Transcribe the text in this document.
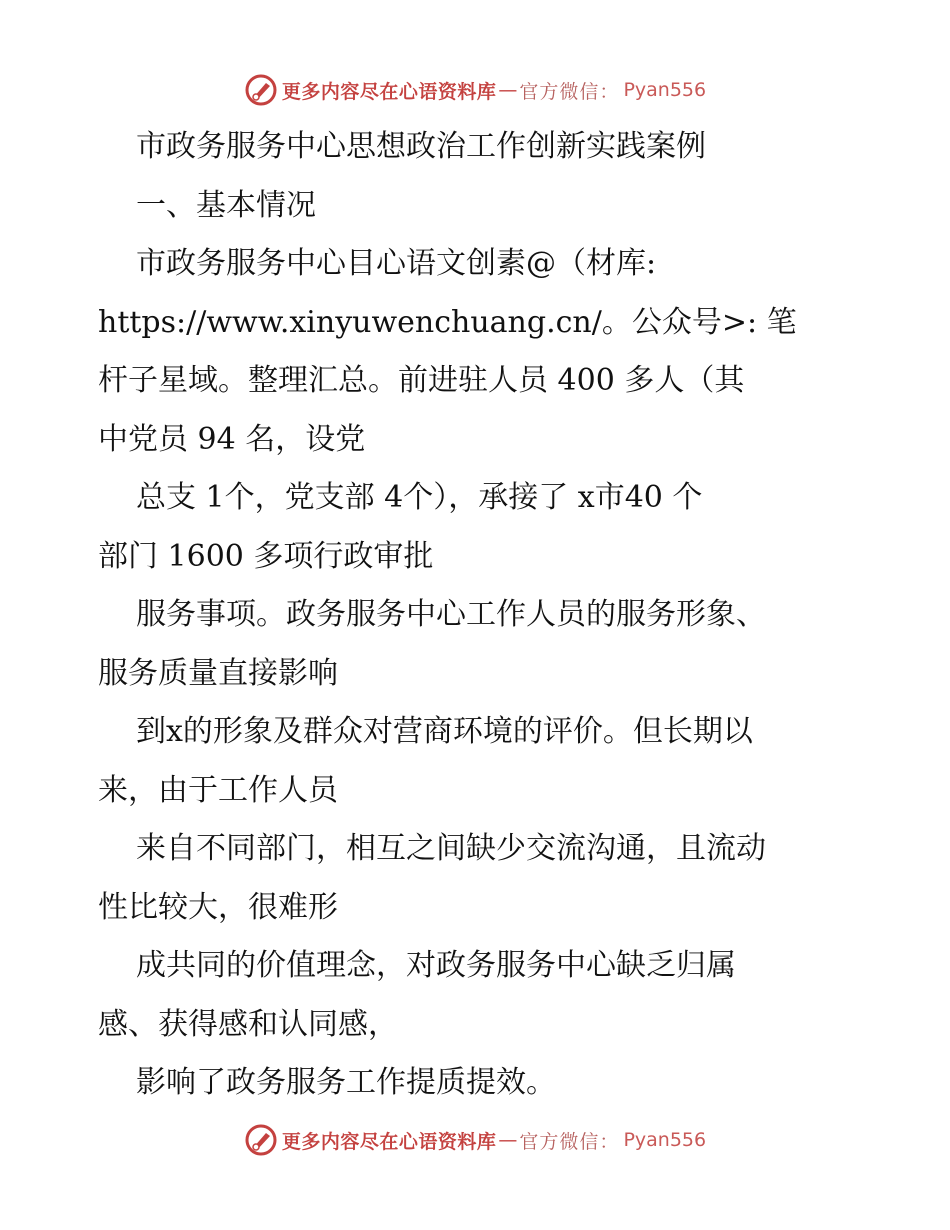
更多内容尽在心语资料库 — 官方微信： Pyan556
市政务服务中心思想政治工作创新实践案例
一、基本情况
市政务服务中心目心语文创素@（材库:
https://www.xinyuwenchuang.cn/。公众号>: 笔
杆子星域。整理汇总。前进驻人员 400 多人（其
中党员 94 名，设党
总支 1个，党支部 4个），承接了 x市40 个
部门 1600 多项行政审批
服务事项。政务服务中心工作人员的服务形象、
服务质量直接影响
到x的形象及群众对营商环境的评价。但长期以
来，由于工作人员
来自不同部门，相互之间缺少交流沟通，且流动
性比较大，很难形
成共同的价值理念，对政务服务中心缺乏归属
感、获得感和认同感，
影响了政务服务工作提质提效。
更多内容尽在心语资料库 — 官方微信： Pyan556
